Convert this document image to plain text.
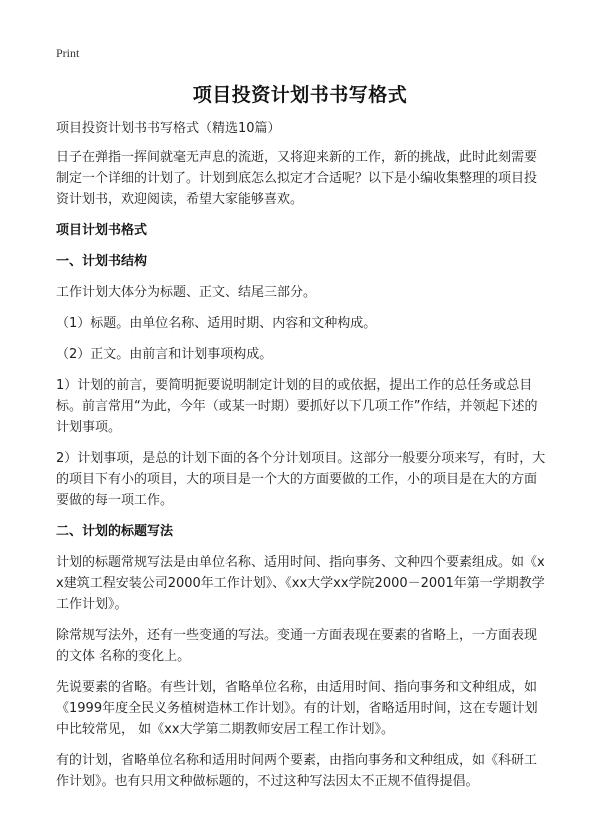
Print
项目投资计划书书写格式

项目投资计划书书写格式（精选10篇）

日子在弹指一挥间就毫无声息的流逝，又将迎来新的工作，新的挑战，此时此刻需要制定一个详细的计划了。计划到底怎么拟定才合适呢？以下是小编收集整理的项目投资计划书，欢迎阅读，希望大家能够喜欢。

项目计划书格式

一、计划书结构

工作计划大体分为标题、正文、结尾三部分。

（1）标题。由单位名称、适用时期、内容和文种构成。

（2）正文。由前言和计划事项构成。

1）计划的前言，要简明扼要说明制定计划的目的或依据，提出工作的总任务或总目标。前言常用“为此，今年（或某一时期）要抓好以下几项工作”作结，并领起下述的计划事项。

2）计划事项，是总的计划下面的各个分计划项目。这部分一般要分项来写，有时，大的项目下有小的项目，大的项目是一个大的方面要做的工作，小的项目是在大的方面要做的每一项工作。

二、计划的标题写法

计划的标题常规写法是由单位名称、适用时间、指向事务、文种四个要素组成。如《xx建筑工程安装公司2000年工作计划》、《xx大学xx学院2000－2001年第一学期教学工作计划》。

除常规写法外，还有一些变通的写法。变通一方面表现在要素的省略上，一方面表现的文体 名称的变化上。

先说要素的省略。有些计划，省略单位名称，由适用时间、指向事务和文种组成，如《1999年度全民义务植树造林工作计划》。有的计划，省略适用时间，这在专题计划中比较常见， 如《xx大学第二期教师安居工程工作计划》。

有的计划，省略单位名称和适用时间两个要素，由指向事务和文种组成，如《科研工作计划》。也有只用文种做标题的，不过这种写法因太不正规不值得提倡。
